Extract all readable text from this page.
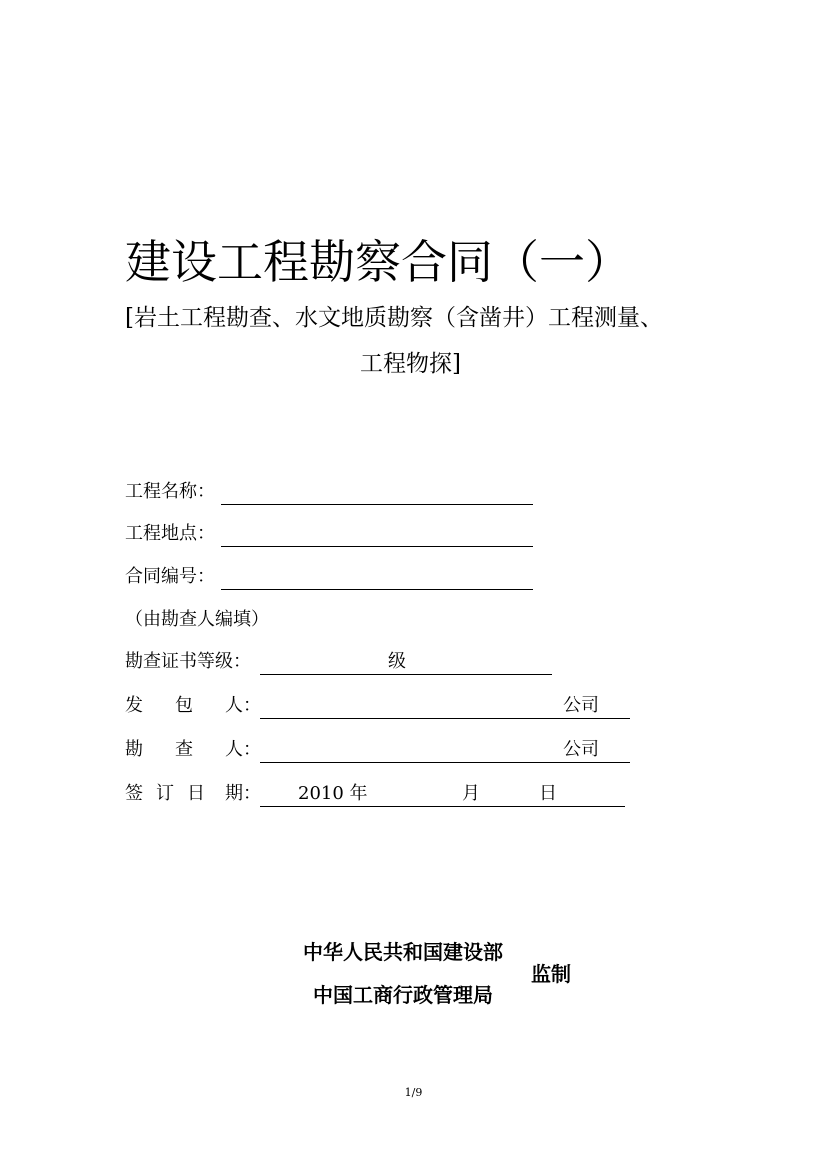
建设工程勘察合同（一）
[岩土工程勘查、水文地质勘察（含凿井）工程测量、
工程物探]
工程名称：
工程地点：
合同编号：
（由勘查人编填）
勘查证书等级：	级
发 包 人：	公司
勘 查 人：	公司
签 订 日 期： 2010 年	月	日
中华人民共和国建设部
中国工商行政管理局
监制
1/9
